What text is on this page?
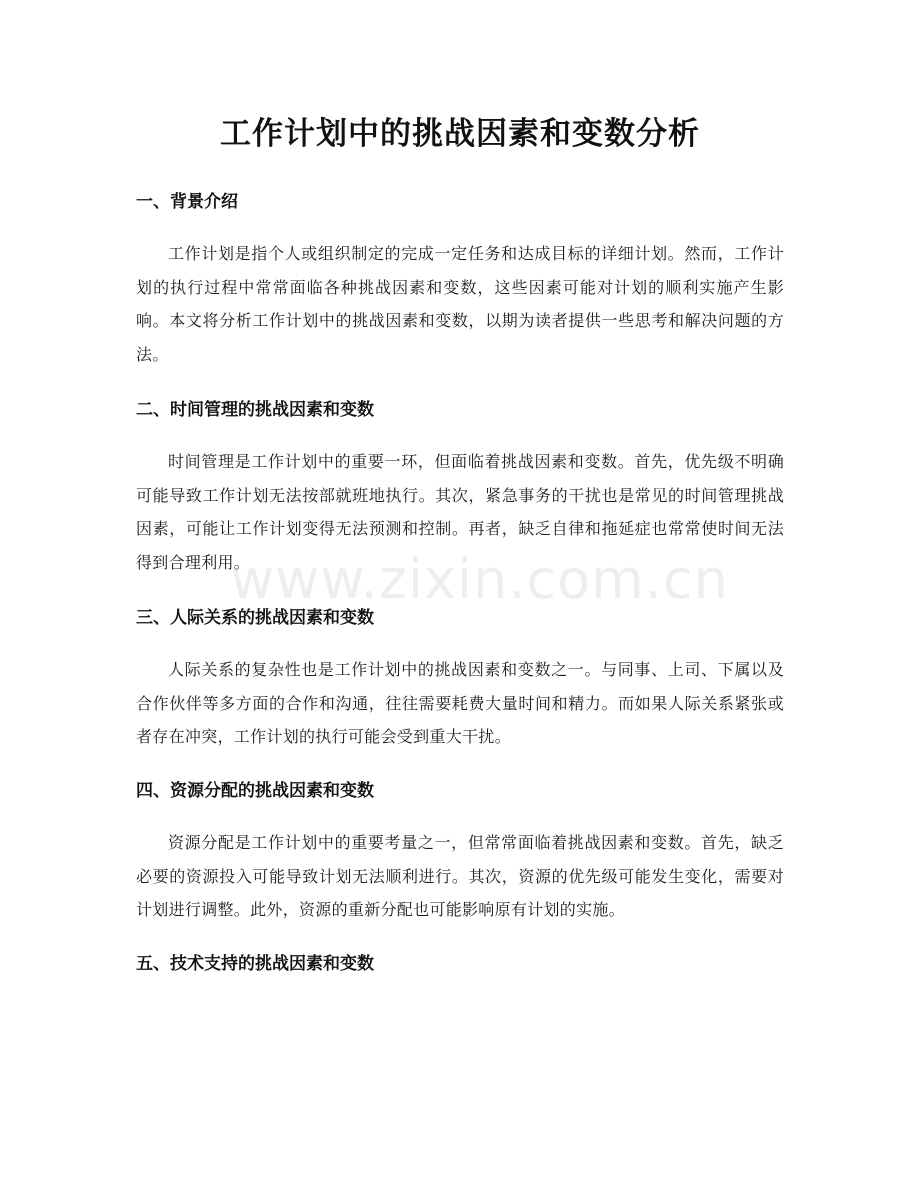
工作计划中的挑战因素和变数分析
一、背景介绍

工作计划是指个人或组织制定的完成一定任务和达成目标的详细计划。然而，工作计划的执行过程中常常面临各种挑战因素和变数，这些因素可能对计划的顺利实施产生影响。本文将分析工作计划中的挑战因素和变数，以期为读者提供一些思考和解决问题的方法。

二、时间管理的挑战因素和变数

时间管理是工作计划中的重要一环，但面临着挑战因素和变数。首先，优先级不明确可能导致工作计划无法按部就班地执行。其次，紧急事务的干扰也是常见的时间管理挑战因素，可能让工作计划变得无法预测和控制。再者，缺乏自律和拖延症也常常使时间无法得到合理利用。

三、人际关系的挑战因素和变数

人际关系的复杂性也是工作计划中的挑战因素和变数之一。与同事、上司、下属以及合作伙伴等多方面的合作和沟通，往往需要耗费大量时间和精力。而如果人际关系紧张或者存在冲突，工作计划的执行可能会受到重大干扰。

四、资源分配的挑战因素和变数

资源分配是工作计划中的重要考量之一，但常常面临着挑战因素和变数。首先，缺乏必要的资源投入可能导致计划无法顺利进行。其次，资源的优先级可能发生变化，需要对计划进行调整。此外，资源的重新分配也可能影响原有计划的实施。

五、技术支持的挑战因素和变数
www.zixin.com.cn
